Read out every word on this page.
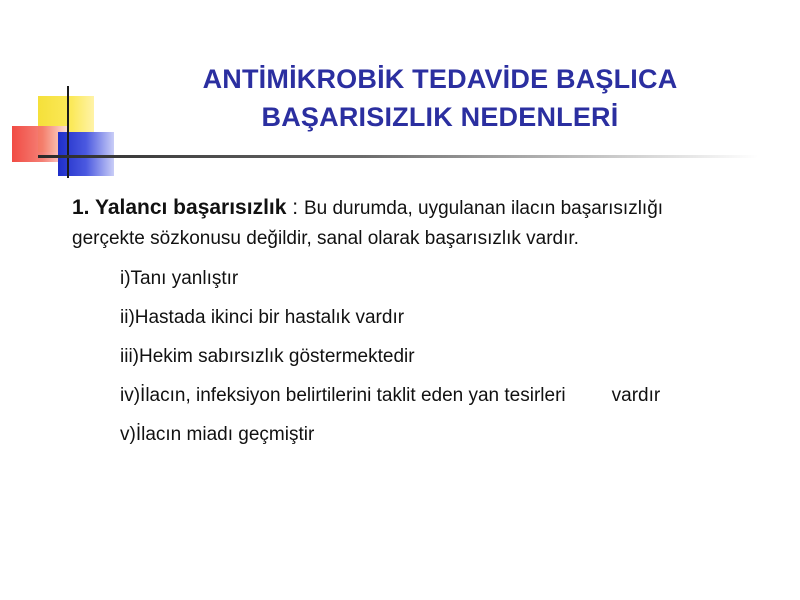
ANTİMİKROBİK TEDAVİDE BAŞLICA
BAŞARISIZLIK NEDENLERİ

1. Yalancı başarısızlık : Bu durumda, uygulanan ilacın başarısızlığı
gerçekte sözkonusu değildir, sanal olarak başarısızlık vardır.

i)Tanı yanlıştır
ii)Hastada ikinci bir hastalık vardır
iii)Hekim sabırsızlık göstermektedir
iv)İlacın, infeksiyon belirtilerini taklit eden yan tesirleri vardır
v)İlacın miadı geçmiştir
